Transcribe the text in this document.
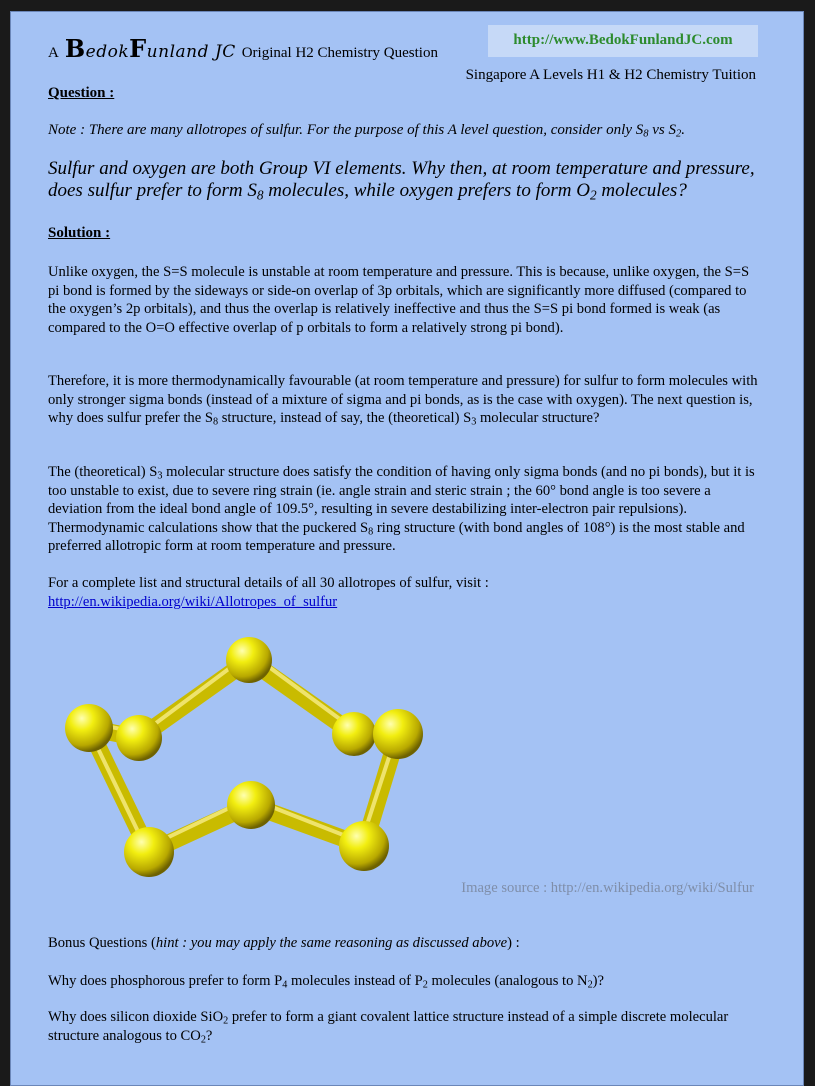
A BedokFunland JC Original H2 Chemistry Question
http://www.BedokFunlandJC.com
Singapore A Levels H1 & H2 Chemistry Tuition
Question :
Note : There are many allotropes of sulfur. For the purpose of this A level question, consider only $S_8$ vs $S_2$.
Sulfur and oxygen are both Group VI elements. Why then, at room temperature and pressure, does sulfur prefer to form $S_8$ molecules, while oxygen prefers to form $O_2$ molecules?
Solution :
Unlike oxygen, the S=S molecule is unstable at room temperature and pressure. This is because, unlike oxygen, the S=S pi bond is formed by the sideways or side-on overlap of 3p orbitals, which are significantly more diffused (compared to the oxygen’s 2p orbitals), and thus the overlap is relatively ineffective and thus the S=S pi bond formed is weak (as compared to the O=O effective overlap of p orbitals to form a relatively strong pi bond).
Therefore, it is more thermodynamically favourable (at room temperature and pressure) for sulfur to form molecules with only stronger sigma bonds (instead of a mixture of sigma and pi bonds, as is the case with oxygen). The next question is, why does sulfur prefer the $S_8$ structure, instead of say, the (theoretical) $S_3$ molecular structure?
The (theoretical) $S_3$ molecular structure does satisfy the condition of having only sigma bonds (and no pi bonds), but it is too unstable to exist, due to severe ring strain (ie. angle strain and steric strain ; the 60° bond angle is too severe a deviation from the ideal bond angle of 109.5°, resulting in severe destabilizing inter-electron pair repulsions). Thermodynamic calculations show that the puckered $S_8$ ring structure (with bond angles of 108°) is the most stable and preferred allotropic form at room temperature and pressure.
For a complete list and structural details of all 30 allotropes of sulfur, visit :
http://en.wikipedia.org/wiki/Allotropes_of_sulfur
Image source : http://en.wikipedia.org/wiki/Sulfur
Bonus Questions (hint : you may apply the same reasoning as discussed above) :
Why does phosphorous prefer to form $P_4$ molecules instead of $P_2$ molecules (analogous to $N_2$)?
Why does silicon dioxide SiO$_2$ prefer to form a giant covalent lattice structure instead of a simple discrete molecular structure analogous to $CO_2$?
